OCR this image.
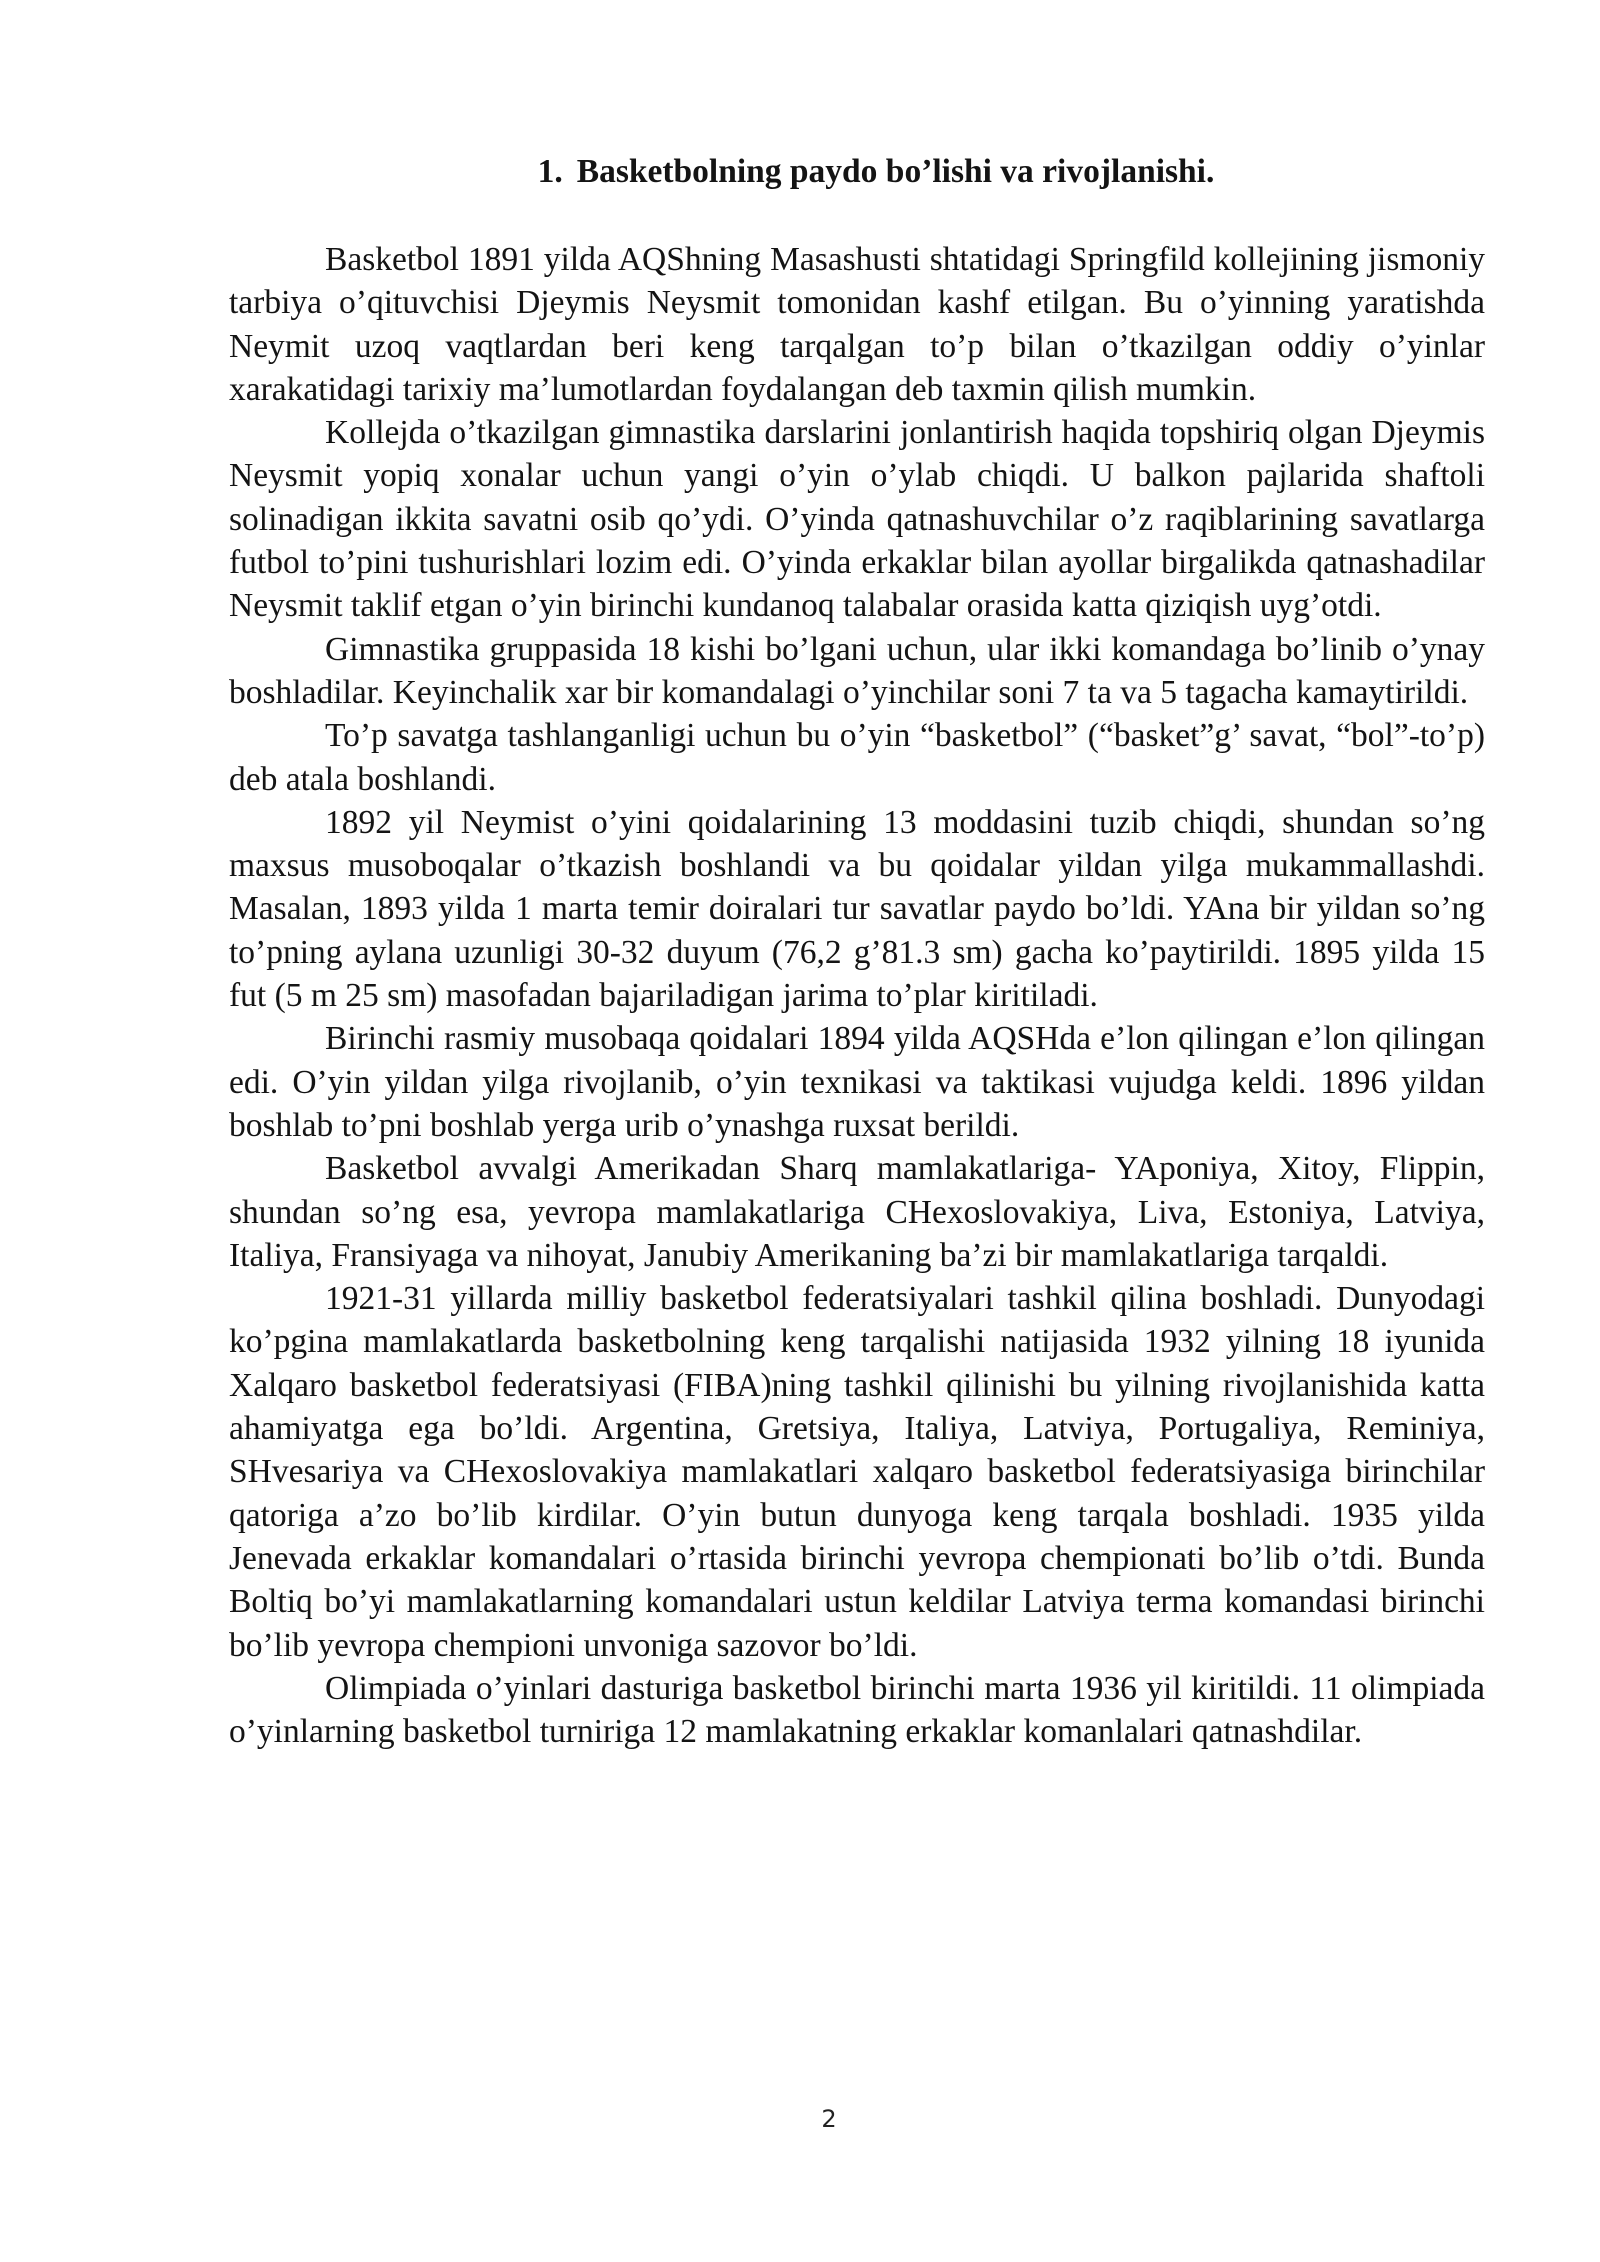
1. Basketbolning paydo bo’lishi va rivojlanishi.

Basketbol 1891 yilda AQShning Masashusti shtatidagi Springfild kollejining jismoniy tarbiya o’qituvchisi Djeymis Neysmit tomonidan kashf etilgan. Bu o’yinning yaratishda Neymit uzoq vaqtlardan beri keng tarqalgan to’p bilan o’tkazilgan oddiy o’yinlar xarakatidagi tarixiy ma’lumotlardan foydalangan deb taxmin qilish mumkin.

Kollejda o’tkazilgan gimnastika darslarini jonlantirish haqida topshiriq olgan Djeymis Neysmit yopiq xonalar uchun yangi o’yin o’ylab chiqdi. U balkon pajlarida shaftoli solinadigan ikkita savatni osib qo’ydi. O’yinda qatnashuvchilar o’z raqiblarining savatlarga futbol to’pini tushurishlari lozim edi. O’yinda erkaklar bilan ayollar birgalikda qatnashadilar Neysmit taklif etgan o’yin birinchi kundanoq talabalar orasida katta qiziqish uyg’otdi.

Gimnastika gruppasida 18 kishi bo’lgani uchun, ular ikki komandaga bo’linib o’ynay boshladilar. Keyinchalik xar bir komandalagi o’yinchilar soni 7 ta va 5 tagacha kamaytirildi.

To’p savatga tashlanganligi uchun bu o’yin “basketbol” (“basket”g’ savat, “bol”-to’p) deb atala boshlandi.

1892 yil Neymist o’yini qoidalarining 13 moddasini tuzib chiqdi, shundan so’ng maxsus musoboqalar o’tkazish boshlandi va bu qoidalar yildan yilga mukammallashdi. Masalan, 1893 yilda 1 marta temir doiralari tur savatlar paydo bo’ldi. YAna bir yildan so’ng to’pning aylana uzunligi 30-32 duyum (76,2 g’81.3 sm) gacha ko’paytirildi. 1895 yilda 15 fut (5 m 25 sm) masofadan bajariladigan jarima to’plar kiritiladi.

Birinchi rasmiy musobaqa qoidalari 1894 yilda AQSHda e’lon qilingan e’lon qilingan edi. O’yin yildan yilga rivojlanib, o’yin texnikasi va taktikasi vujudga keldi. 1896 yildan boshlab to’pni boshlab yerga urib o’ynashga ruxsat berildi.

Basketbol avvalgi Amerikadan Sharq mamlakatlariga- YAponiya, Xitoy, Flippin, shundan so’ng esa, yevropa mamlakatlariga CHexoslovakiya, Liva, Estoniya, Latviya, Italiya, Fransiyaga va nihoyat, Janubiy Amerikaning ba’zi bir mamlakatlariga tarqaldi.

1921-31 yillarda milliy basketbol federatsiyalari tashkil qilina boshladi. Dunyodagi ko’pgina mamlakatlarda basketbolning keng tarqalishi natijasida 1932 yilning 18 iyunida Xalqaro basketbol federatsiyasi (FIBA)ning tashkil qilinishi bu yilning rivojlanishida katta ahamiyatga ega bo’ldi. Argentina, Gretsiya, Italiya, Latviya, Portugaliya, Reminiya, SHvesariya va CHexoslovakiya mamlakatlari xalqaro basketbol federatsiyasiga birinchilar qatoriga a’zo bo’lib kirdilar. O’yin butun dunyoga keng tarqala boshladi. 1935 yilda Jenevada erkaklar komandalari o’rtasida birinchi yevropa chempionati bo’lib o’tdi. Bunda Boltiq bo’yi mamlakatlarning komandalari ustun keldilar Latviya terma komandasi birinchi bo’lib yevropa chempioni unvoniga sazovor bo’ldi.

Olimpiada o’yinlari dasturiga basketbol birinchi marta 1936 yil kiritildi. 11 olimpiada o’yinlarning basketbol turniriga 12 mamlakatning erkaklar komanlalari qatnashdilar.

2
